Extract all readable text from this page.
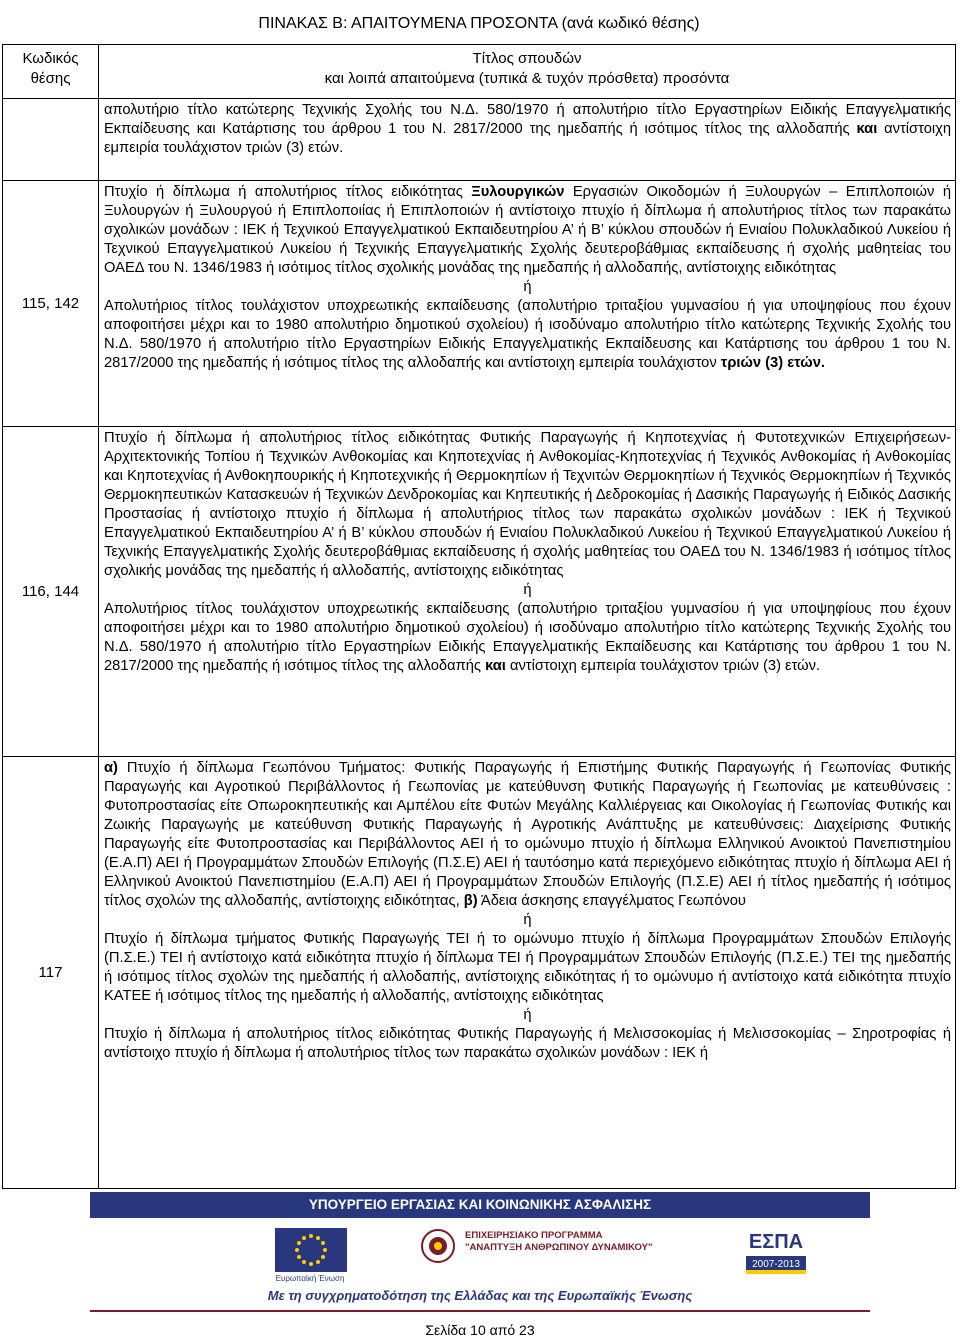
ΠΙΝΑΚΑΣ Β: ΑΠΑΙΤΟΥΜΕΝΑ ΠΡΟΣΟΝΤΑ (ανά κωδικό θέσης)	
Κωδικός θέσης	Τίτλος σπουδών
και λοιπά απαιτούμενα (τυπικά & τυχόν πρόσθετα) προσόντα

	απολυτήριο τίτλο κατώτερης Τεχνικής Σχολής του Ν.Δ. 580/1970 ή απολυτήριο τίτλο Εργαστηρίων Ειδικής Επαγγελματικής Εκπαίδευσης και Κατάρτισης του άρθρου 1 του Ν. 2817/2000 της ημεδαπής ή ισότιμος τίτλος της αλλοδαπής και αντίστοιχη εμπειρία τουλάχιστον τριών (3) ετών.

115, 142	Πτυχίο ή δίπλωμα ή απολυτήριος τίτλος ειδικότητας Ξυλουργικών Εργασιών Οικοδομών ή Ξυλουργών – Επιπλοποιών ή Ξυλουργών ή Ξυλουργού ή Επιπλοποιίας ή Επιπλοποιών ή αντίστοιχο πτυχίο ή δίπλωμα ή απολυτήριος τίτλος των παρακάτω σχολικών μονάδων : ΙΕΚ ή Τεχνικού Επαγγελματικού Εκπαιδευτηρίου Α’ ή Β’ κύκλου σπουδών ή Ενιαίου Πολυκλαδικού Λυκείου ή Τεχνικού Επαγγελματικού Λυκείου ή Τεχνικής Επαγγελματικής Σχολής δευτεροβάθμιας εκπαίδευσης ή σχολής μαθητείας του ΟΑΕΔ του Ν. 1346/1983 ή ισότιμος τίτλος σχολικής μονάδας της ημεδαπής ή αλλοδαπής, αντίστοιχης ειδικότητας

ή

Απολυτήριος τίτλος τουλάχιστον υποχρεωτικής εκπαίδευσης (απολυτήριο τριταξίου γυμνασίου ή για υποψηφίους που έχουν αποφοιτήσει μέχρι και το 1980 απολυτήριο δημοτικού σχολείου) ή ισοδύναμο απολυτήριο τίτλο κατώτερης Τεχνικής Σχολής του Ν.Δ. 580/1970 ή απολυτήριο τίτλο Εργαστηρίων Ειδικής Επαγγελματικής Εκπαίδευσης και Κατάρτισης του άρθρου 1 του Ν. 2817/2000 της ημεδαπής ή ισότιμος τίτλος της αλλοδαπής και αντίστοιχη εμπειρία τουλάχιστον τριών (3) ετών.

116, 144	Πτυχίο ή δίπλωμα ή απολυτήριος τίτλος ειδικότητας Φυτικής Παραγωγής ή Κηποτεχνίας ή Φυτοτεχνικών Επιχειρήσεων- Αρχιτεκτονικής Τοπίου ή Τεχνικών Ανθοκομίας και Κηποτεχνίας ή Ανθοκομίας-Κηποτεχνίας ή Τεχνικός Ανθοκομίας ή Ανθοκομίας και Κηποτεχνίας ή Ανθοκηπουρικής ή Κηποτεχνικής ή Θερμοκηπίων ή Τεχνιτών Θερμοκηπίων ή Τεχνικός Θερμοκηπίων ή Τεχνικός Θερμοκηπευτικών Κατασκευών ή Τεχνικών Δενδροκομίας και Κηπευτικής ή Δεδροκομίας ή Δασικής Παραγωγής ή Ειδικός Δασικής Προστασίας ή αντίστοιχο πτυχίο ή δίπλωμα ή απολυτήριος τίτλος των παρακάτω σχολικών μονάδων : ΙΕΚ ή Τεχνικού Επαγγελματικού Εκπαιδευτηρίου Α’ ή Β’ κύκλου σπουδών ή Ενιαίου Πολυκλαδικού Λυκείου ή Τεχνικού Επαγγελματικού Λυκείου ή Τεχνικής Επαγγελματικής Σχολής δευτεροβάθμιας εκπαίδευσης ή σχολής μαθητείας του ΟΑΕΔ του Ν. 1346/1983 ή ισότιμος τίτλος σχολικής μονάδας της ημεδαπής ή αλλοδαπής, αντίστοιχης ειδικότητας

ή

Απολυτήριος τίτλος τουλάχιστον υποχρεωτικής εκπαίδευσης (απολυτήριο τριταξίου γυμνασίου ή για υποψηφίους που έχουν αποφοιτήσει μέχρι και το 1980 απολυτήριο δημοτικού σχολείου) ή ισοδύναμο απολυτήριο τίτλο κατώτερης Τεχνικής Σχολής του Ν.Δ. 580/1970 ή απολυτήριο τίτλο Εργαστηρίων Ειδικής Επαγγελματικής Εκπαίδευσης και Κατάρτισης του άρθρου 1 του Ν. 2817/2000 της ημεδαπής ή ισότιμος τίτλος της αλλοδαπής και αντίστοιχη εμπειρία τουλάχιστον τριών (3) ετών.

117	α) Πτυχίο ή δίπλωμα Γεωπόνου Τμήματος: Φυτικής Παραγωγής ή Επιστήμης Φυτικής Παραγωγής ή Γεωπονίας Φυτικής Παραγωγής και Αγροτικού Περιβάλλοντος ή Γεωπονίας με κατεύθυνση Φυτικής Παραγωγής ή Γεωπονίας με κατευθύνσεις : Φυτοπροστασίας είτε Οπωροκηπευτικής και Αμπέλου είτε Φυτών Μεγάλης Καλλιέργειας και Οικολογίας ή Γεωπονίας Φυτικής και Ζωικής Παραγωγής με κατεύθυνση Φυτικής Παραγωγής ή Αγροτικής Ανάπτυξης με κατευθύνσεις: Διαχείρισης Φυτικής Παραγωγής είτε Φυτοπροστασίας και Περιβάλλοντος ΑΕΙ ή το ομώνυμο πτυχίο ή δίπλωμα Ελληνικού Ανοικτού Πανεπιστημίου (Ε.Α.Π) ΑΕΙ ή Προγραμμάτων Σπουδών Επιλογής (Π.Σ.Ε) ΑΕΙ ή ταυτόσημο κατά περιεχόμενο ειδικότητας πτυχίο ή δίπλωμα ΑΕΙ ή Ελληνικού Ανοικτού Πανεπιστημίου (Ε.Α.Π) ΑΕΙ ή Προγραμμάτων Σπουδών Επιλογής (Π.Σ.Ε) ΑΕΙ ή τίτλος ημεδαπής ή ισότιμος τίτλος σχολών της αλλοδαπής, αντίστοιχης ειδικότητας, β) Άδεια άσκησης επαγγέλματος Γεωπόνου

ή

Πτυχίο ή δίπλωμα τμήματος Φυτικής Παραγωγής ΤΕΙ ή το ομώνυμο πτυχίο ή δίπλωμα Προγραμμάτων Σπουδών Επιλογής (Π.Σ.Ε.) ΤΕΙ ή αντίστοιχο κατά ειδικότητα πτυχίο ή δίπλωμα ΤΕΙ ή Προγραμμάτων Σπουδών Επιλογής (Π.Σ.Ε.) ΤΕΙ της ημεδαπής ή ισότιμος τίτλος σχολών της ημεδαπής ή αλλοδαπής, αντίστοιχης ειδικότητας ή το ομώνυμο ή αντίστοιχο κατά ειδικότητα πτυχίο ΚΑΤΕΕ ή ισότιμος τίτλος της ημεδαπής ή αλλοδαπής, αντίστοιχης ειδικότητας

ή

Πτυχίο ή δίπλωμα ή απολυτήριος τίτλος ειδικότητας Φυτικής Παραγωγής ή Μελισσοκομίας ή Μελισσοκομίας – Σηροτροφίας ή αντίστοιχο πτυχίο ή δίπλωμα ή απολυτήριος τίτλος των παρακάτω σχολικών μονάδων : ΙΕΚ ή

ΥΠΟΥΡΓΕΙΟ ΕΡΓΑΣΙΑΣ ΚΑΙ ΚΟΙΝΩΝΙΚΗΣ ΑΣΦΑΛΙΣΗΣ
Ευρωπαϊκή Ένωση
ΕΠΙΧΕΙΡΗΣΙΑΚΟ ΠΡΟΓΡΑΜΜΑ
"ΑΝΑΠΤΥΞΗ ΑΝΘΡΩΠΙΝΟΥ ΔΥΝΑΜΙΚΟΥ"	ΕΣΠΑ
2007-2013
Με τη συγχρηματοδότηση της Ελλάδας και της Ευρωπαϊκής Ένωσης
Σελίδα 10 από 23
